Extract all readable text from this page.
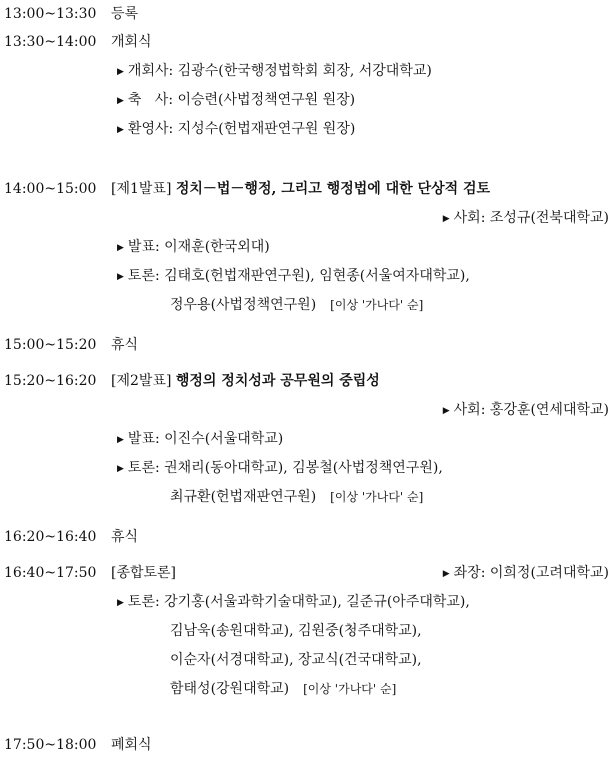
13:00~13:30 등록
13:30~14:00 개회식
▶ 개회사: 김광수(한국행정법학회 회장, 서강대학교)
▶ 축   사: 이승련(사법정책연구원 원장)
▶ 환영사: 지성수(헌법재판연구원 원장)
14:00~15:00 [제1발표] 정치－법－행정, 그리고 행정법에 대한 단상적 검토
▶ 사회: 조성규(전북대학교)
▶ 발표: 이재훈(한국외대)
▶ 토론: 김태호(헌법재판연구원), 임현종(서울여자대학교),
정우용(사법정책연구원) [이상 '가나다' 순]
15:00~15:20 휴식
15:20~16:20 [제2발표] 행정의 정치성과 공무원의 중립성
▶ 사회: 홍강훈(연세대학교)
▶ 발표: 이진수(서울대학교)
▶ 토론: 권채리(동아대학교), 김봉철(사법정책연구원),
최규환(헌법재판연구원) [이상 '가나다' 순]
16:20~16:40 휴식
16:40~17:50 [종합토론]	▶ 좌장: 이희정(고려대학교)
▶ 토론: 강기홍(서울과학기술대학교), 길준규(아주대학교),
김남욱(송원대학교), 김원중(청주대학교),
이순자(서경대학교), 장교식(건국대학교),
함태성(강원대학교) [이상 '가나다' 순]
17:50~18:00 폐회식
